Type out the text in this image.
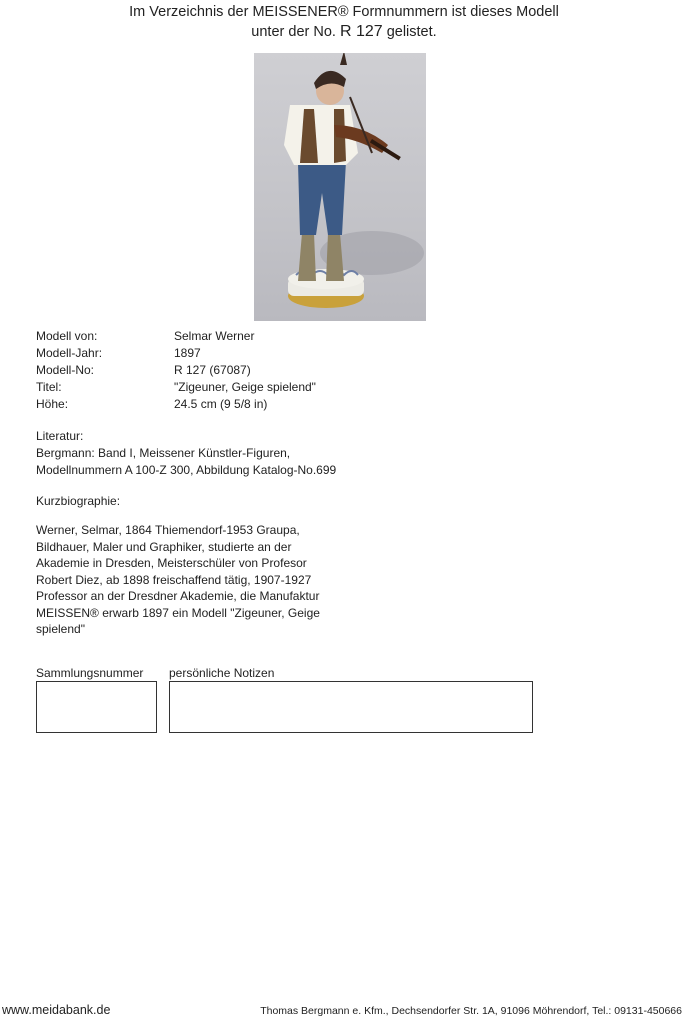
Im Verzeichnis der MEISSENER® Formnummern ist dieses Modell
unter der No. R 127 gelistet.
Modell von:	Selmar Werner
Modell-Jahr:	1897
Modell-No:	R 127 (67087)
Titel:	"Zigeuner, Geige spielend"
Höhe:	24.5 cm (9 5/8 in)
Literatur:
Bergmann: Band I, Meissener Künstler-Figuren,
Modellnummern A 100-Z 300, Abbildung Katalog-No.699
Kurzbiographie:
Werner, Selmar, 1864 Thiemendorf-1953 Graupa,
Bildhauer, Maler und Graphiker, studierte an der
Akademie in Dresden, Meisterschüler von Profesor
Robert Diez, ab 1898 freischaffend tätig, 1907-1927
Professor an der Dresdner Akademie, die Manufaktur
MEISSEN® erwarb 1897 ein Modell "Zigeuner, Geige
spielend"
Sammlungsnummer persönliche Notizen
www.meidabank.de	Thomas Bergmann e. Kfm., Dechsendorfer Str. 1A, 91096 Möhrendorf, Tel.: 09131-450666
